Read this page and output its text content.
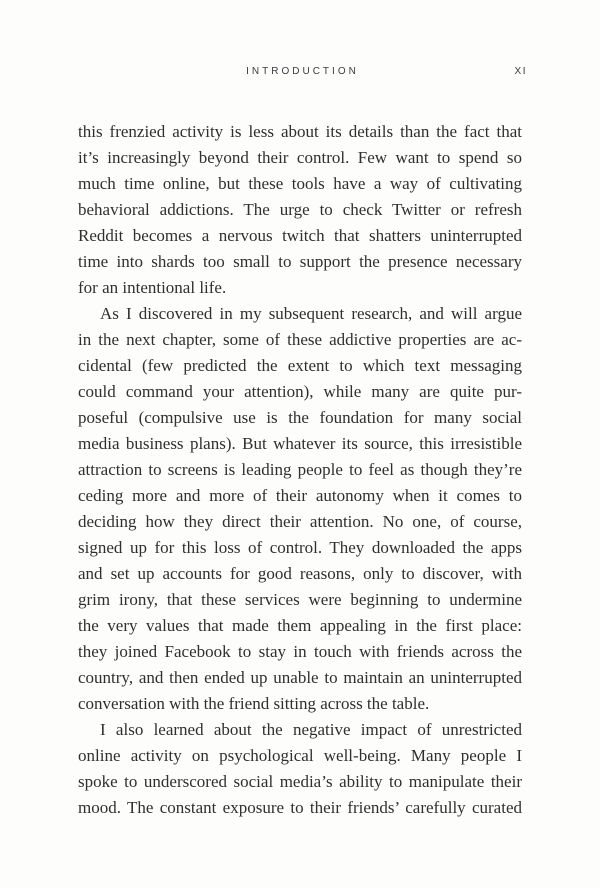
INTRODUCTION	XI
this frenzied activity is less about its details than the fact that
it’s increasingly beyond their control. Few want to spend so
much time online, but these tools have a way of cultivating
behavioral addictions. The urge to check Twitter or refresh
Reddit becomes a nervous twitch that shatters uninterrupted
time into shards too small to support the presence necessary
for an intentional life.
As I discovered in my subsequent research, and will argue
in the next chapter, some of these addictive properties are ac-
cidental (few predicted the extent to which text messaging
could command your attention), while many are quite pur-
poseful (compulsive use is the foundation for many social
media business plans). But whatever its source, this irresistible
attraction to screens is leading people to feel as though they’re
ceding more and more of their autonomy when it comes to
deciding how they direct their attention. No one, of course,
signed up for this loss of control. They downloaded the apps
and set up accounts for good reasons, only to discover, with
grim irony, that these services were beginning to undermine
the very values that made them appealing in the first place:
they joined Facebook to stay in touch with friends across the
country, and then ended up unable to maintain an uninterrupted
conversation with the friend sitting across the table.
I also learned about the negative impact of unrestricted
online activity on psychological well-being. Many people I
spoke to underscored social media’s ability to manipulate their
mood. The constant exposure to their friends’ carefully curated
